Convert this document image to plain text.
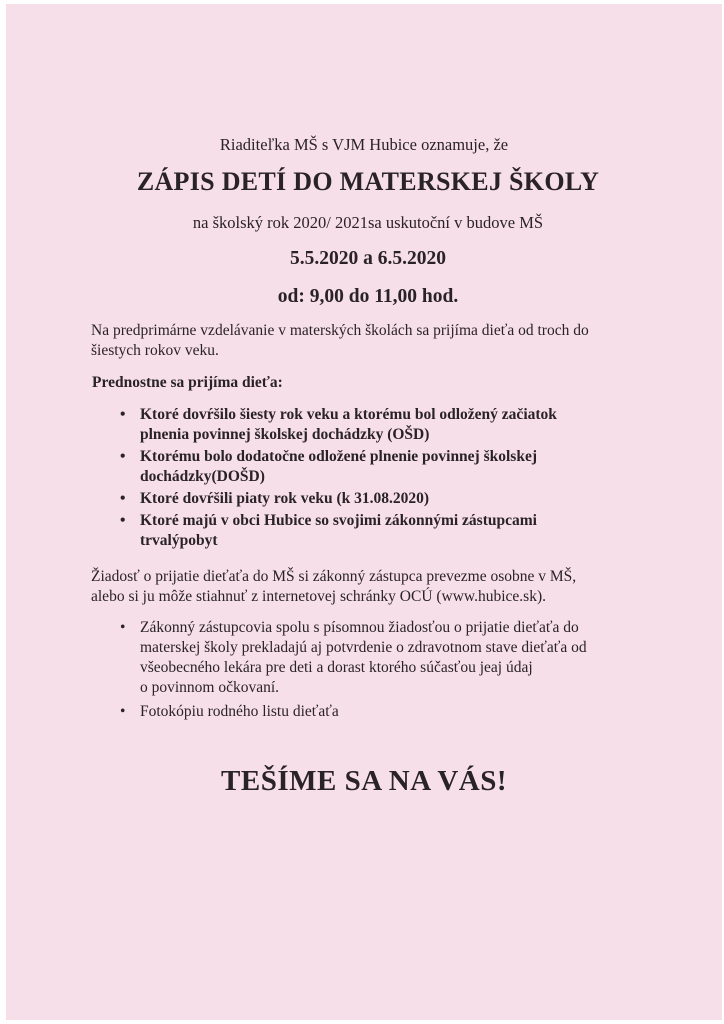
Riaditeľka MŠ s VJM Hubice oznamuje, že
ZÁPIS DETÍ DO MATERSKEJ ŠKOLY
na školský rok 2020/ 2021sa uskutoční v budove MŠ
5.5.2020 a 6.5.2020
od: 9,00 do 11,00 hod.
Na predprimárne vzdelávanie v materských školách sa prijíma dieťa od troch do
šiestych rokov veku.
Prednostne sa prijíma dieťa:
• Ktoré dovŕšilo šiesty rok veku a ktorému bol odložený začiatok
plnenia povinnej školskej dochádzky (OŠD)
• Ktorému bolo dodatočne odložené plnenie povinnej školskej
dochádzky(DOŠD)
• Ktoré dovŕšili piaty rok veku (k 31.08.2020)
• Ktoré majú v obci Hubice so svojimi zákonnými zástupcami
trvalýpobyt
Žiadosť o prijatie dieťaťa do MŠ si zákonný zástupca prevezme osobne v MŠ,
alebo si ju môže stiahnuť z internetovej schránky OCÚ (www.hubice.sk).
• Zákonný zástupcovia spolu s písomnou žiadosťou o prijatie dieťaťa do
materskej školy prekladajú aj potvrdenie o zdravotnom stave dieťaťa od
všeobecného lekára pre deti a dorast ktorého súčasťou jeaj údaj
o povinnom očkovaní.
• Fotokópiu rodného listu dieťaťa
TEŠÍME SA NA VÁS!
